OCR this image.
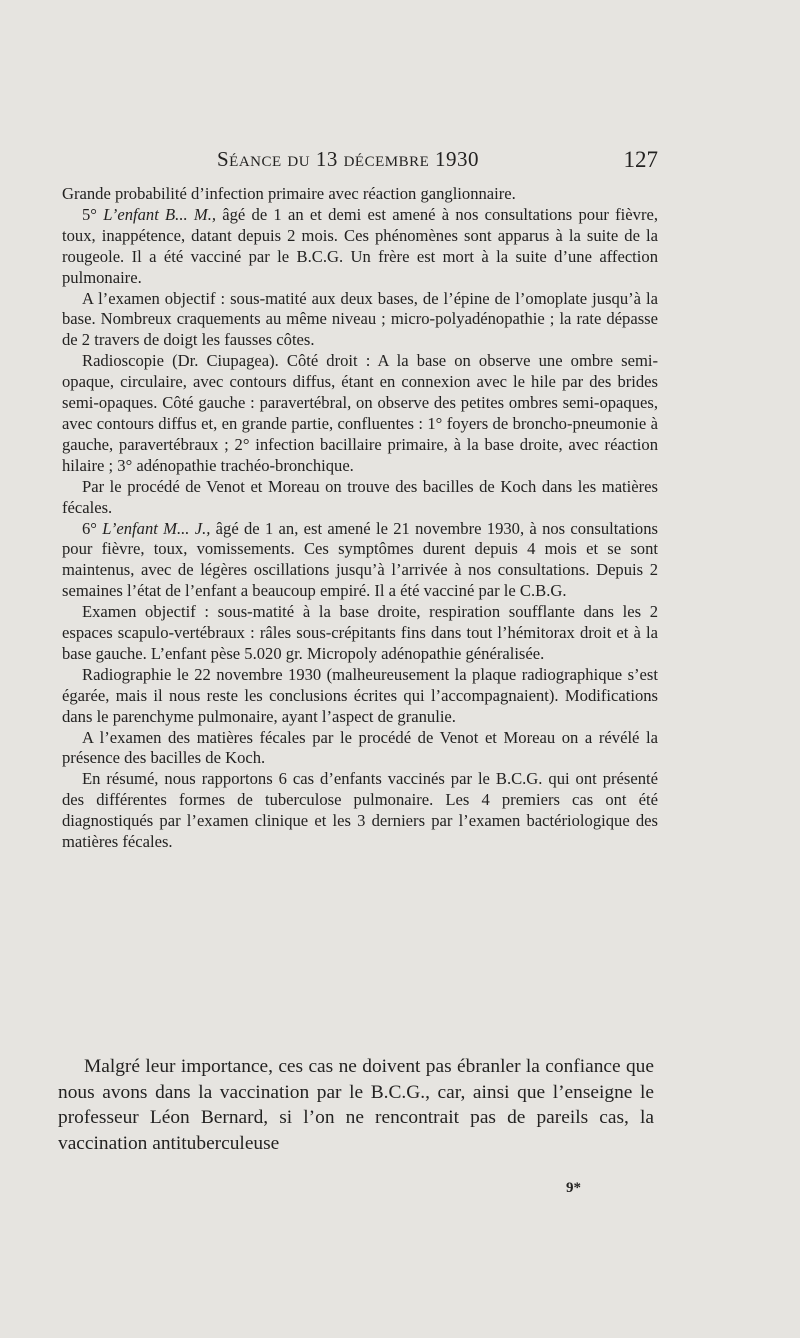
Séance du 13 décembre 1930	127

Grande probabilité d’infection primaire avec réaction ganglionnaire.

5° L’enfant B... M., âgé de 1 an et demi est amené à nos consultations pour fièvre, toux, inappétence, datant depuis 2 mois. Ces phénomènes sont apparus à la suite de la rougeole. Il a été vacciné par le B.C.G. Un frère est mort à la suite d’une affection pulmonaire.

A l’examen objectif : sous-matité aux deux bases, de l’épine de l’omoplate jusqu’à la base. Nombreux craquements au même niveau ; micro-polyadénopathie ; la rate dépasse de 2 travers de doigt les fausses côtes.

Radioscopie (Dr. Ciupagea). Côté droit : A la base on observe une ombre semi-opaque, circulaire, avec contours diffus, étant en connexion avec le hile par des brides semi-opaques. Côté gauche : paravertébral, on observe des petites ombres semi-opaques, avec contours diffus et, en grande partie, confluentes : 1° foyers de broncho-pneumonie à gauche, paravertébraux ; 2° infection bacillaire primaire, à la base droite, avec réaction hilaire ; 3° adénopathie trachéo-bronchique.

Par le procédé de Venot et Moreau on trouve des bacilles de Koch dans les matières fécales.

6° L’enfant M... J., âgé de 1 an, est amené le 21 novembre 1930, à nos consultations pour fièvre, toux, vomissements. Ces symptômes durent depuis 4 mois et se sont maintenus, avec de légères oscillations jusqu’à l’arrivée à nos consultations. Depuis 2 semaines l’état de l’enfant a beaucoup empiré. Il a été vacciné par le C.B.G.

Examen objectif : sous-matité à la base droite, respiration soufflante dans les 2 espaces scapulo-vertébraux : râles sous-crépitants fins dans tout l’hémitorax droit et à la base gauche. L’enfant pèse 5.020 gr. Micropoly adénopathie généralisée.

Radiographie le 22 novembre 1930 (malheureusement la plaque radiographique s’est égarée, mais il nous reste les conclusions écrites qui l’accompagnaient). Modifications dans le parenchyme pulmonaire, ayant l’aspect de granulie.

A l’examen des matières fécales par le procédé de Venot et Moreau on a révélé la présence des bacilles de Koch.

En résumé, nous rapportons 6 cas d’enfants vaccinés par le B.C.G. qui ont présenté des différentes formes de tuberculose pulmonaire. Les 4 premiers cas ont été diagnostiqués par l’examen clinique et les 3 derniers par l’examen bactériologique des matières fécales.

Malgré leur importance, ces cas ne doivent pas ébranler la confiance que nous avons dans la vaccination par le B.C.G., car, ainsi que l’enseigne le professeur Léon Bernard, si l’on ne rencontrait pas de pareils cas, la vaccination antituberculeuse

9*
